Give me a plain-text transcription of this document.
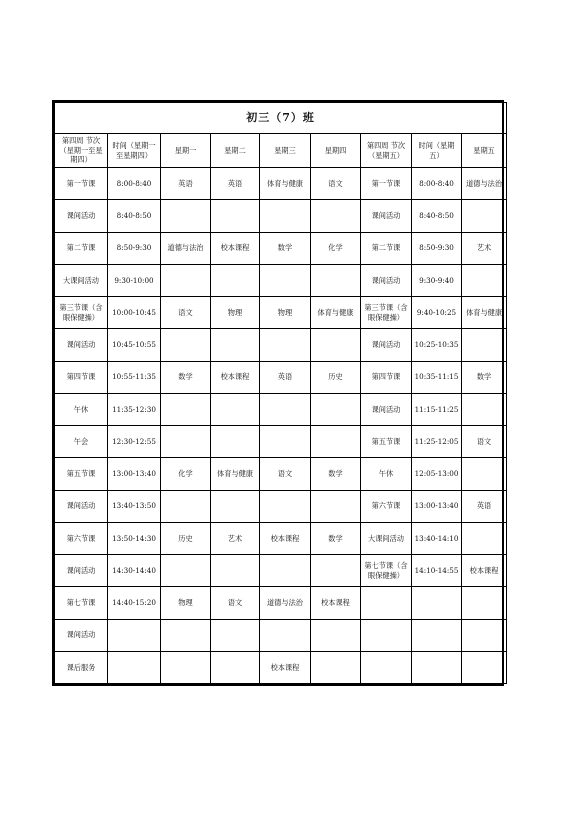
初三（7）班								
第四周 节次（星期一至星期四）	时间（星期一至星期四）	星期一	星期二	星期三	星期四	第四周 节次（星期五）	时间（星期五）	星期五
第一节课	8:00-8:40	英语	英语	体育与健康	语文	第一节课	8:00-8:40	道德与法治
课间活动	8:40-8:50					课间活动	8:40-8:50	
第二节课	8:50-9:30	道德与法治	校本课程	数学	化学	第二节课	8:50-9:30	艺术
大课间活动	9:30-10:00					课间活动	9:30-9:40	
第三节课（含眼保健操）	10:00-10:45	语文	物理	物理	体育与健康	第三节课（含眼保健操）	9:40-10:25	体育与健康
课间活动	10:45-10:55					课间活动	10:25-10:35	
第四节课	10:55-11:35	数学	校本课程	英语	历史	第四节课	10:35-11:15	数学
午休	11:35-12:30					课间活动	11:15-11:25	
午会	12:30-12:55					第五节课	11:25-12:05	语文
第五节课	13:00-13:40	化学	体育与健康	语文	数学	午休	12:05-13:00	
课间活动	13:40-13:50					第六节课	13:00-13:40	英语
第六节课	13:50-14:30	历史	艺术	校本课程	数学	大课间活动	13:40-14:10	
课间活动	14:30-14:40					第七节课（含眼保健操）	14:10-14:55	校本课程
第七节课	14:40-15:20	物理	语文	道德与法治	校本课程			
课间活动								
课后服务				校本课程				
